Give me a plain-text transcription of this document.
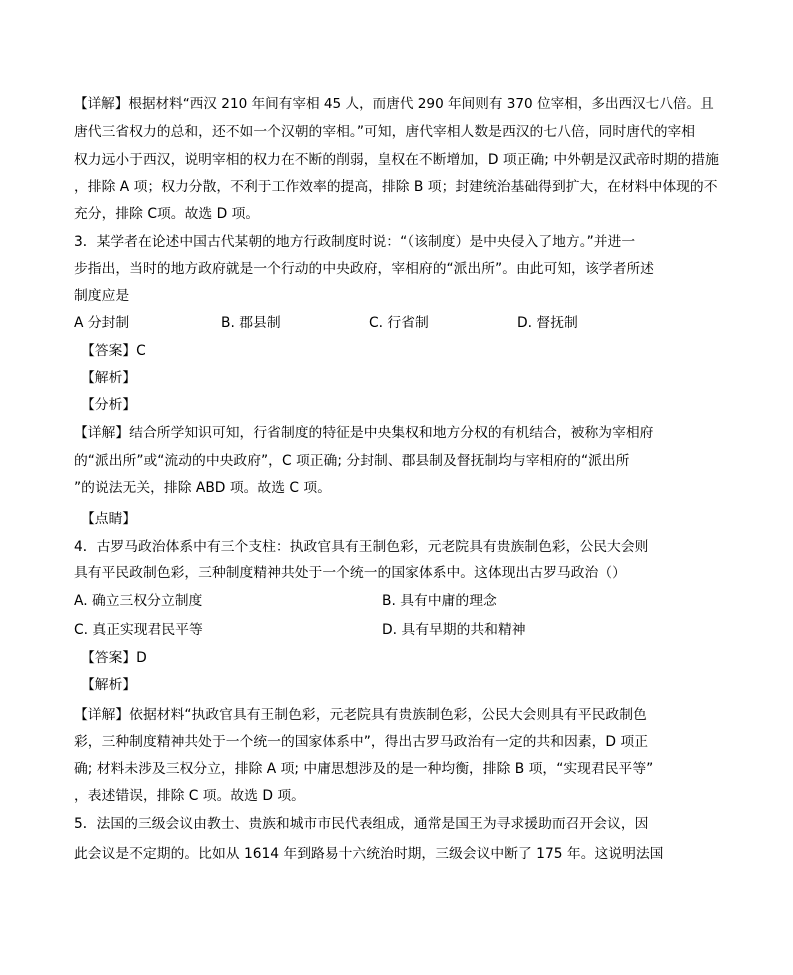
【详解】根据材料“西汉 210 年间有宰相 45 人，而唐代 290 年间则有 370 位宰相，多出西汉七八倍。且
唐代三省权力的总和，还不如一个汉朝的宰相。”可知，唐代宰相人数是西汉的七八倍，同时唐代的宰相
权力远小于西汉，说明宰相的权力在不断的削弱，皇权在不断增加，D 项正确; 中外朝是汉武帝时期的措施
，排除 A 项；权力分散，不利于工作效率的提高，排除 B 项；封建统治基础得到扩大，在材料中体现的不
充分，排除 C项。故选 D 项。
3．某学者在论述中国古代某朝的地方行政制度时说：“（该制度）是中央侵入了地方。”并进一
步指出，当时的地方政府就是一个行动的中央政府，宰相府的“派出所”。由此可知，该学者所述
制度应是
A 分封制	B. 郡县制	C. 行省制	D. 督抚制
【答案】C
【解析】
【分析】
【详解】结合所学知识可知，行省制度的特征是中央集权和地方分权的有机结合，被称为宰相府
的“派出所”或“流动的中央政府”，C 项正确; 分封制、郡县制及督抚制均与宰相府的“派出所
”的说法无关，排除 ABD 项。故选 C 项。
【点睛】
4．古罗马政治体系中有三个支柱：执政官具有王制色彩，元老院具有贵族制色彩，公民大会则
具有平民政制色彩，三种制度精神共处于一个统一的国家体系中。这体现出古罗马政治（）
A. 确立三权分立制度	B. 具有中庸的理念
C. 真正实现君民平等	D. 具有早期的共和精神
【答案】D
【解析】
【详解】依据材料“执政官具有王制色彩，元老院具有贵族制色彩，公民大会则具有平民政制色
彩，三种制度精神共处于一个统一的国家体系中”，得出古罗马政治有一定的共和因素，D 项正
确; 材料未涉及三权分立，排除 A 项; 中庸思想涉及的是一种均衡，排除 B 项，“实现君民平等”
，表述错误，排除 C 项。故选 D 项。
5．法国的三级会议由教士、贵族和城市市民代表组成，通常是国王为寻求援助而召开会议，因
此会议是不定期的。比如从 1614 年到路易十六统治时期，三级会议中断了 175 年。这说明法国
